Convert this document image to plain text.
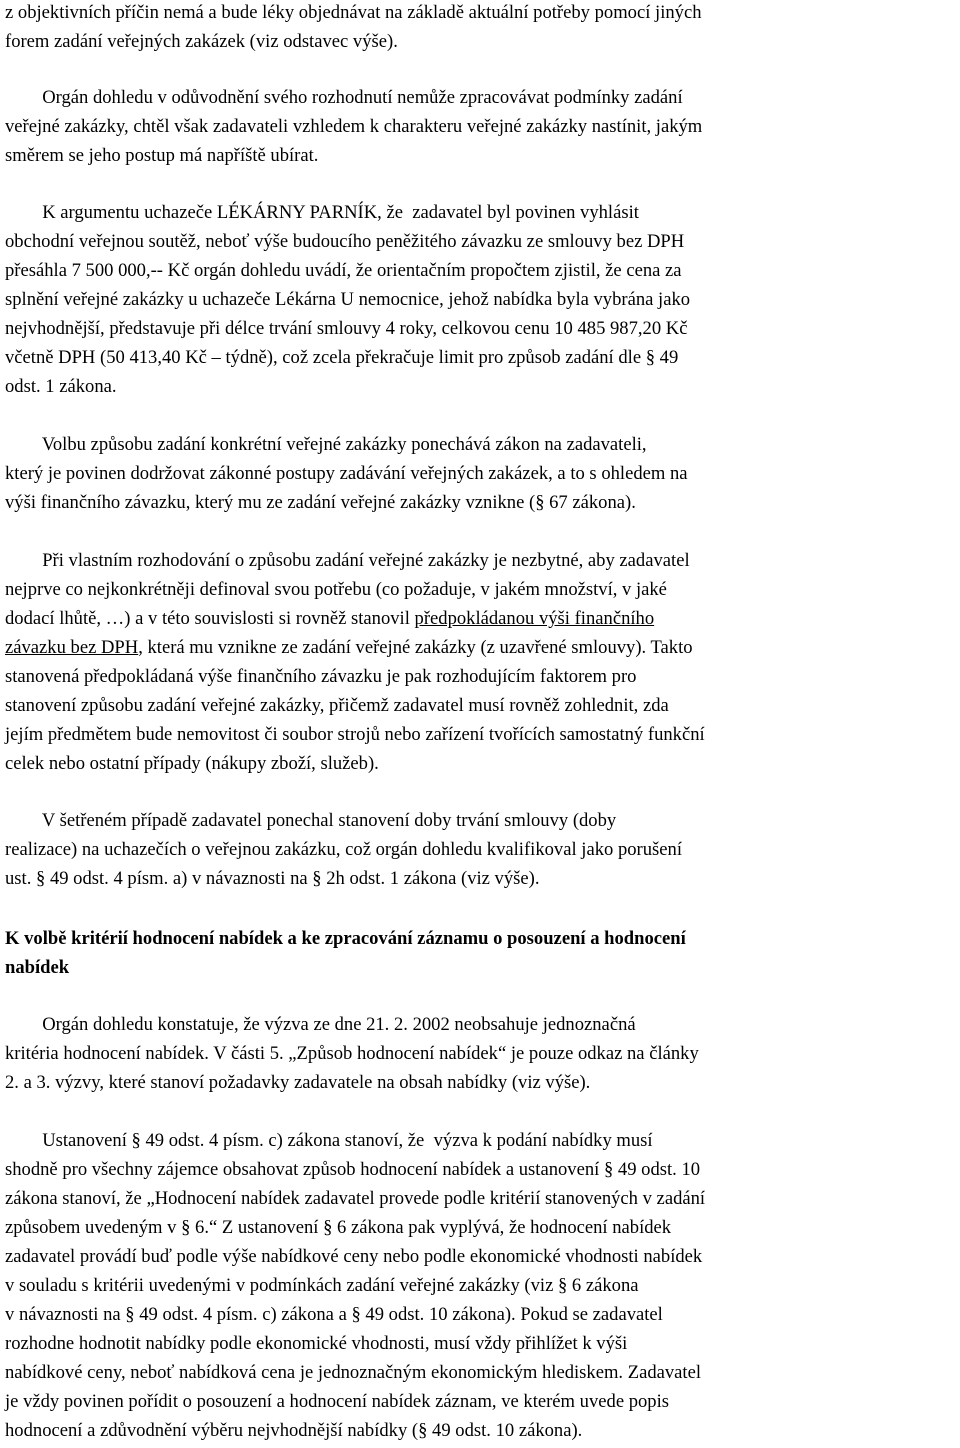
z objektivních příčin nemá a bude léky objednávat na základě aktuální potřeby pomocí jiných
forem zadání veřejných zakázek (viz odstavec výše).

Orgán dohledu v odůvodnění svého rozhodnutí nemůže zpracovávat podmínky zadání
veřejné zakázky, chtěl však zadavateli vzhledem k charakteru veřejné zakázky nastínit, jakým
směrem se jeho postup má napříště ubírat.

K argumentu uchazeče LÉKÁRNY PARNÍK, že  zadavatel byl povinen vyhlásit
obchodní veřejnou soutěž, neboť výše budoucího peněžitého závazku ze smlouvy bez DPH
přesáhla 7 500 000,-- Kč orgán dohledu uvádí, že orientačním propočtem zjistil, že cena za
splnění veřejné zakázky u uchazeče Lékárna U nemocnice, jehož nabídka byla vybrána jako
nejvhodnější, představuje při délce trvání smlouvy 4 roky, celkovou cenu 10 485 987,20 Kč
včetně DPH (50 413,40 Kč – týdně), což zcela překračuje limit pro způsob zadání dle § 49
odst. 1 zákona.

Volbu způsobu zadání konkrétní veřejné zakázky ponechává zákon na zadavateli,
který je povinen dodržovat zákonné postupy zadávání veřejných zakázek, a to s ohledem na
výši finančního závazku, který mu ze zadání veřejné zakázky vznikne (§ 67 zákona).

Při vlastním rozhodování o způsobu zadání veřejné zakázky je nezbytné, aby zadavatel
nejprve co nejkonkrétněji definoval svou potřebu (co požaduje, v jakém množství, v jaké
dodací lhůtě, …) a v této souvislosti si rovněž stanovil předpokládanou výši finančního
závazku bez DPH, která mu vznikne ze zadání veřejné zakázky (z uzavřené smlouvy). Takto
stanovená předpokládaná výše finančního závazku je pak rozhodujícím faktorem pro
stanovení způsobu zadání veřejné zakázky, přičemž zadavatel musí rovněž zohlednit, zda
jejím předmětem bude nemovitost či soubor strojů nebo zařízení tvořících samostatný funkční
celek nebo ostatní případy (nákupy zboží, služeb).

V šetřeném případě zadavatel ponechal stanovení doby trvání smlouvy (doby
realizace) na uchazečích o veřejnou zakázku, což orgán dohledu kvalifikoval jako porušení
ust. § 49 odst. 4 písm. a) v návaznosti na § 2h odst. 1 zákona (viz výše).

K volbě kritérií hodnocení nabídek a ke zpracování záznamu o posouzení a hodnocení
nabídek

Orgán dohledu konstatuje, že výzva ze dne 21. 2. 2002 neobsahuje jednoznačná
kritéria hodnocení nabídek. V části 5. „Způsob hodnocení nabídek“ je pouze odkaz na články
2. a 3. výzvy, které stanoví požadavky zadavatele na obsah nabídky (viz výše).

Ustanovení § 49 odst. 4 písm. c) zákona stanoví, že  výzva k podání nabídky musí
shodně pro všechny zájemce obsahovat způsob hodnocení nabídek a ustanovení § 49 odst. 10
zákona stanoví, že „Hodnocení nabídek zadavatel provede podle kritérií stanovených v zadání
způsobem uvedeným v § 6.“ Z ustanovení § 6 zákona pak vyplývá, že hodnocení nabídek
zadavatel provádí buď podle výše nabídkové ceny nebo podle ekonomické vhodnosti nabídek
v souladu s kritérii uvedenými v podmínkách zadání veřejné zakázky (viz § 6 zákona
v návaznosti na § 49 odst. 4 písm. c) zákona a § 49 odst. 10 zákona). Pokud se zadavatel
rozhodne hodnotit nabídky podle ekonomické vhodnosti, musí vždy přihlížet k výši
nabídkové ceny, neboť nabídková cena je jednoznačným ekonomickým hlediskem. Zadavatel
je vždy povinen pořídit o posouzení a hodnocení nabídek záznam, ve kterém uvede popis
hodnocení a zdůvodnění výběru nejvhodnější nabídky (§ 49 odst. 10 zákona).
